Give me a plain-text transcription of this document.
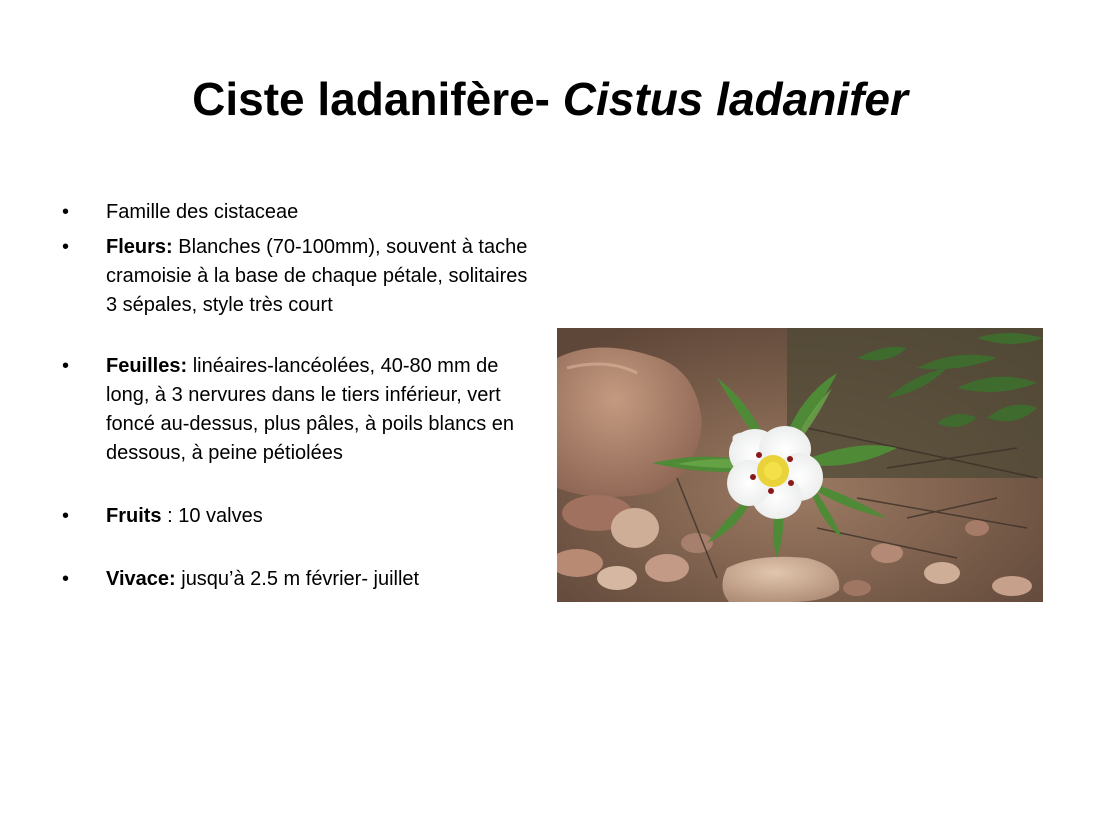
Ciste ladanifère- Cistus ladanifer
• Famille des cistaceae
• Fleurs: Blanches (70-100mm), souvent à tache cramoisie à la base de chaque pétale, solitaires 3 sépales, style très court
• Feuilles: linéaires-lancéolées, 40-80 mm de long, à 3 nervures dans le tiers inférieur, vert foncé au-dessus, plus pâles, à poils blancs en dessous, à peine pétiolées
• Fruits : 10 valves
• Vivace: jusqu’à 2.5 m février- juillet
